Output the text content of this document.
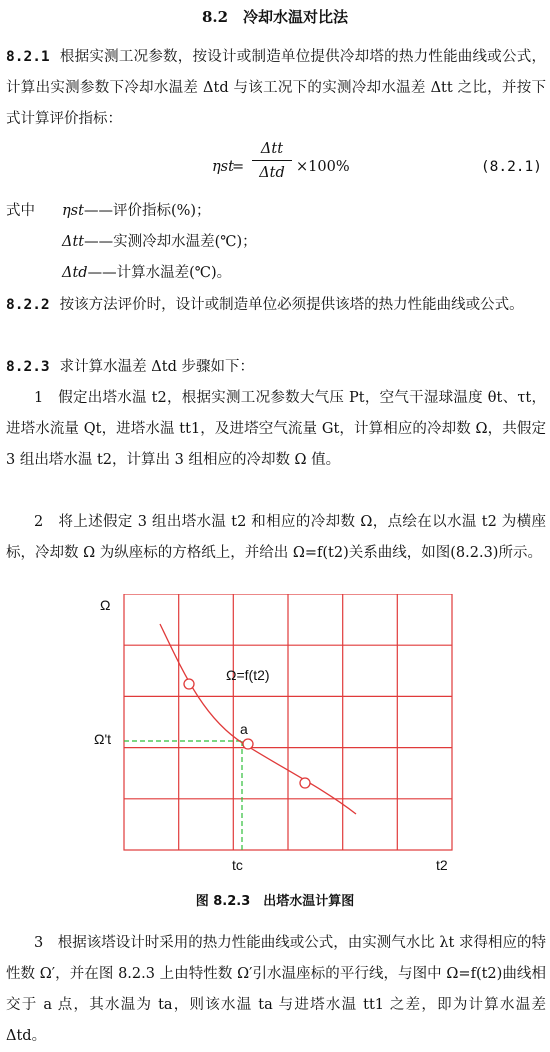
8.2  冷却水温对比法
8.2.1 根据实测工况参数，按设计或制造单位提供冷却塔的热力性能曲线或公式，计算出实测参数下冷却水温差 Δtd 与该工况下的实测冷却水温差 Δtt 之比，并按下式计算评价指标：
ηst
=
Δtt
Δtd ×100%	(8.2.1)
式中 ηst——评价指标(%)；
Δtt——实测冷却水温差(℃)；
Δtd——计算水温差(℃)。
8.2.2 按该方法评价时，设计或制造单位必须提供该塔的热力性能曲线或公式。
8.2.3 求计算水温差 Δtd 步骤如下：
1　假定出塔水温 t2，根据实测工况参数大气压 Pt，空气干湿球温度 θt、τt，进塔水流量 Qt，进塔水温 tt1，及进塔空气流量 Gt，计算相应的冷却数 Ω，共假定 3 组出塔水温 t2，计算出 3 组相应的冷却数 Ω 值。
2　将上述假定 3 组出塔水温 t2 和相应的冷却数 Ω，点绘在以水温 t2 为横座标，冷却数 Ω 为纵座标的方格纸上，并给出 Ω=f(t2)关系曲线，如图(8.2.3)所示。
Ω
Ω=f(t2)
a
Ω't
tc	t2
图 8.2.3　出塔水温计算图
3　根据该塔设计时采用的热力性能曲线或公式，由实测气水比 λt 求得相应的特性数 Ω′，并在图 8.2.3 上由特性数 Ω′引水温座标的平行线，与图中 Ω=f(t2)曲线相交于 a 点，其水温为 ta，则该水温 ta 与进塔水温 tt1 之差，即为计算水温差 Δtd。
